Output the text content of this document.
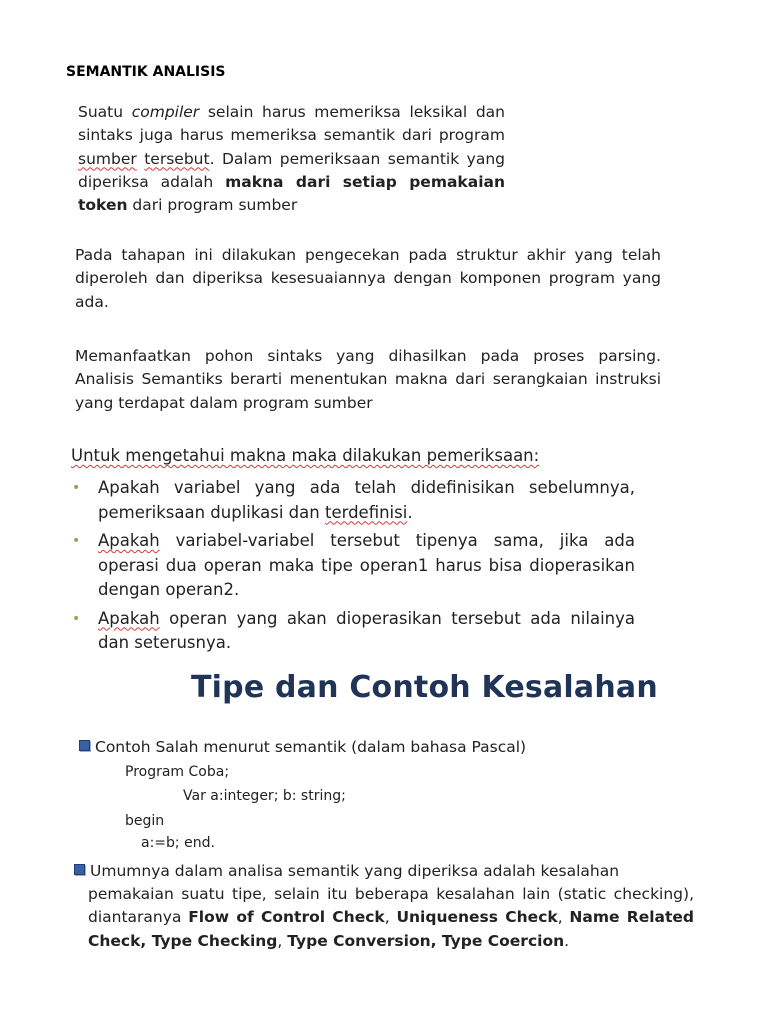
SEMANTIK ANALISIS
Suatu compiler selain harus memeriksa leksikal dan sintaks juga harus memeriksa semantik dari program sumber tersebut. Dalam pemeriksaan semantik yang diperiksa adalah makna dari setiap pemakaian token dari program sumber
Pada tahapan ini dilakukan pengecekan pada struktur akhir yang telah diperoleh dan diperiksa kesesuaiannya dengan komponen program yang ada.
Memanfaatkan pohon sintaks yang dihasilkan pada proses parsing. Analisis Semantiks berarti menentukan makna dari serangkaian instruksi yang terdapat dalam program sumber
Untuk mengetahui makna maka dilakukan pemeriksaan:
• Apakah variabel yang ada telah didefinisikan sebelumnya, pemeriksaan duplikasi dan terdefinisi.
• Apakah variabel-variabel tersebut tipenya sama, jika ada operasi dua operan maka tipe operan1 harus bisa dioperasikan dengan operan2.
• Apakah operan yang akan dioperasikan tersebut ada nilainya dan seterusnya.
Tipe dan Contoh Kesalahan
Contoh Salah menurut semantik (dalam bahasa Pascal)
Program Coba;
Var a:integer; b: string;
begin
a:=b; end.
Umumnya dalam analisa semantik yang diperiksa adalah kesalahan
pemakaian suatu tipe, selain itu beberapa kesalahan lain (static checking), diantaranya Flow of Control Check, Uniqueness Check, Name Related Check, Type Checking, Type Conversion, Type Coercion.
